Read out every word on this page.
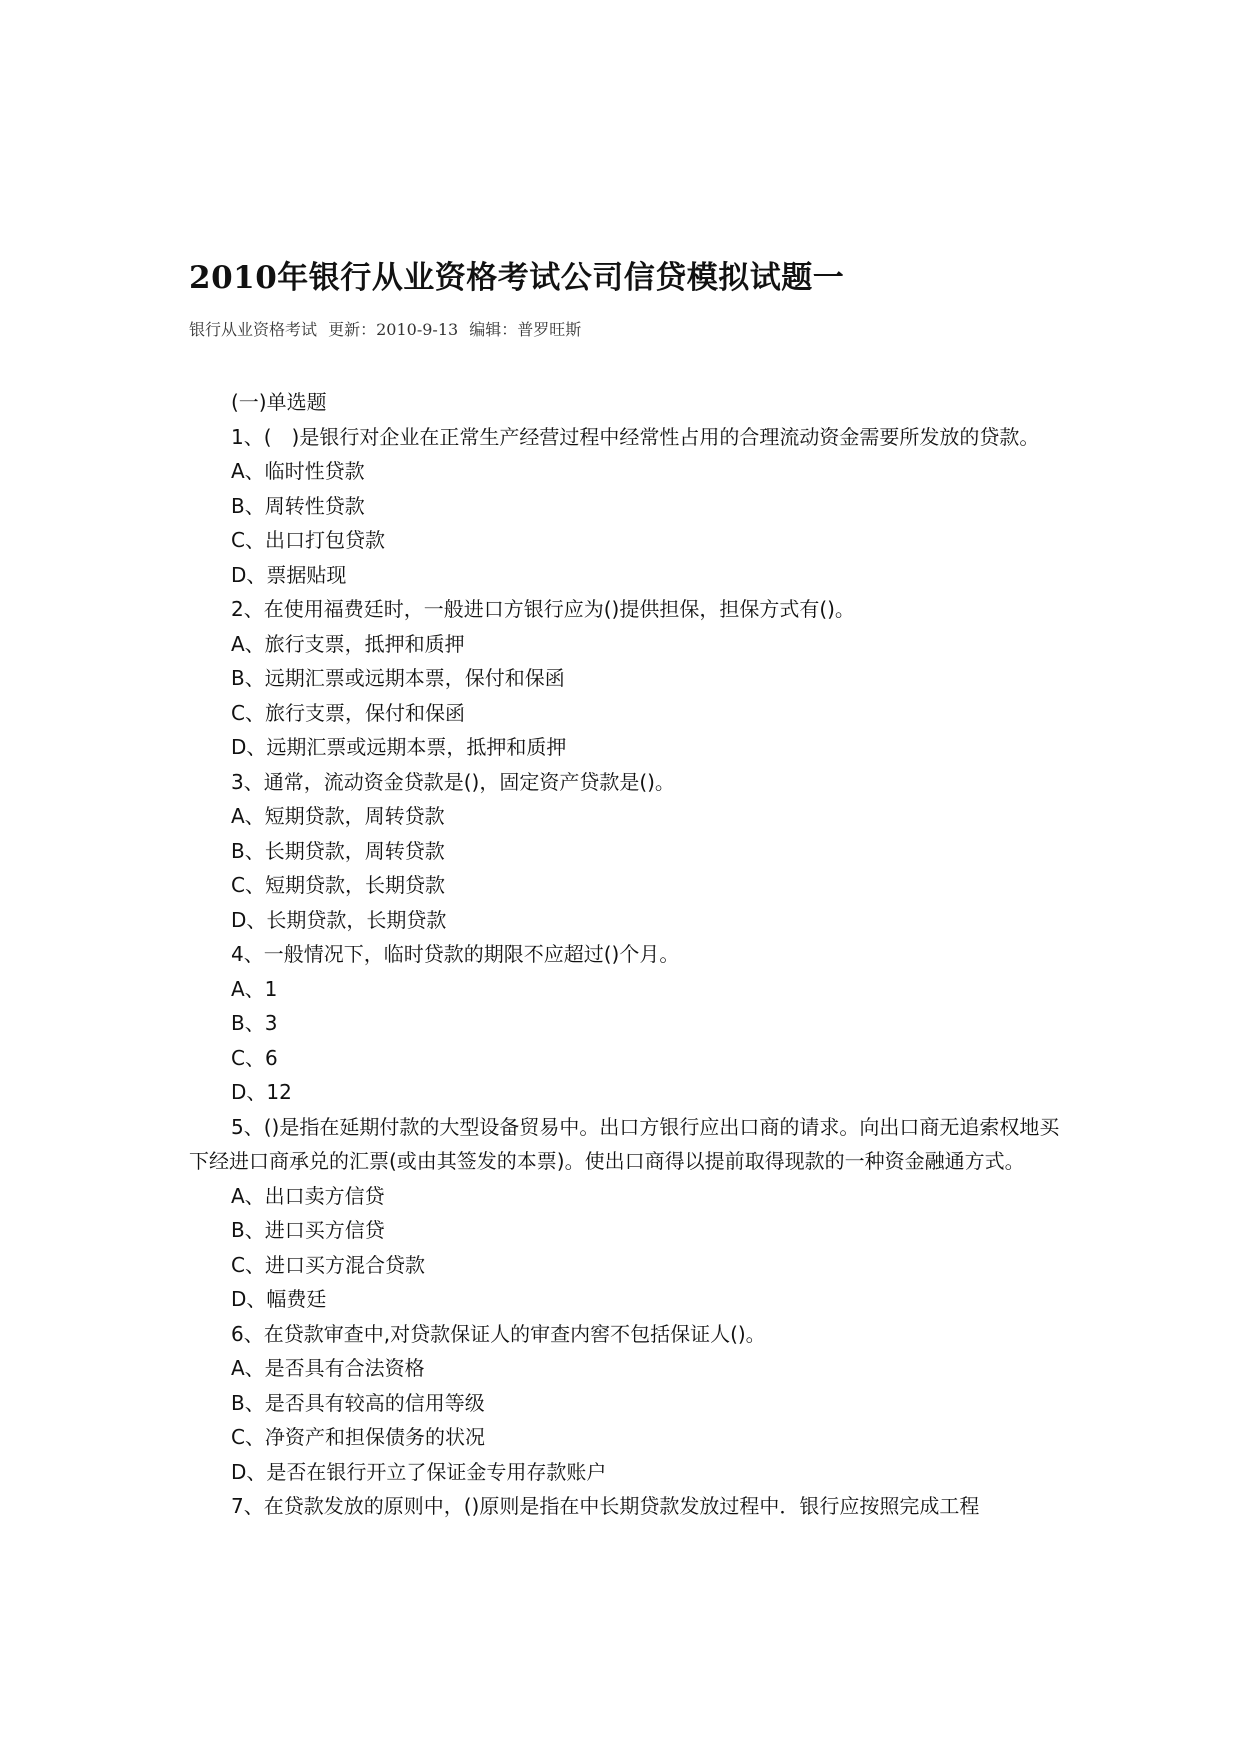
2010年银行从业资格考试公司信贷模拟试题一
银行从业资格考试 更新：2010-9-13 编辑：普罗旺斯

(一)单选题

1、(　)是银行对企业在正常生产经营过程中经常性占用的合理流动资金需要所发放的贷款。

A、临时性贷款

B、周转性贷款

C、出口打包贷款

D、票据贴现

2、在使用福费廷时，一般进口方银行应为()提供担保，担保方式有()。

A、旅行支票，抵押和质押

B、远期汇票或远期本票，保付和保函

C、旅行支票，保付和保函

D、远期汇票或远期本票，抵押和质押

3、通常，流动资金贷款是()，固定资产贷款是()。

A、短期贷款，周转贷款

B、长期贷款，周转贷款

C、短期贷款，长期贷款

D、长期贷款，长期贷款

4、一般情况下，临时贷款的期限不应超过()个月。

A、1

B、3

C、6

D、12

5、()是指在延期付款的大型设备贸易中。出口方银行应出口商的请求。向出口商无追索权地买下经进口商承兑的汇票(或由其签发的本票)。使出口商得以提前取得现款的一种资金融通方式。

A、出口卖方信贷

B、进口买方信贷

C、进口买方混合贷款

D、幅费廷

6、在贷款审查中,对贷款保证人的审查内窖不包括保证人()。

A、是否具有合法资格

B、是否具有较高的信用等级

C、净资产和担保债务的状况

D、是否在银行开立了保证金专用存款账户

7、在贷款发放的原则中，()原则是指在中长期贷款发放过程中．银行应按照完成工程
